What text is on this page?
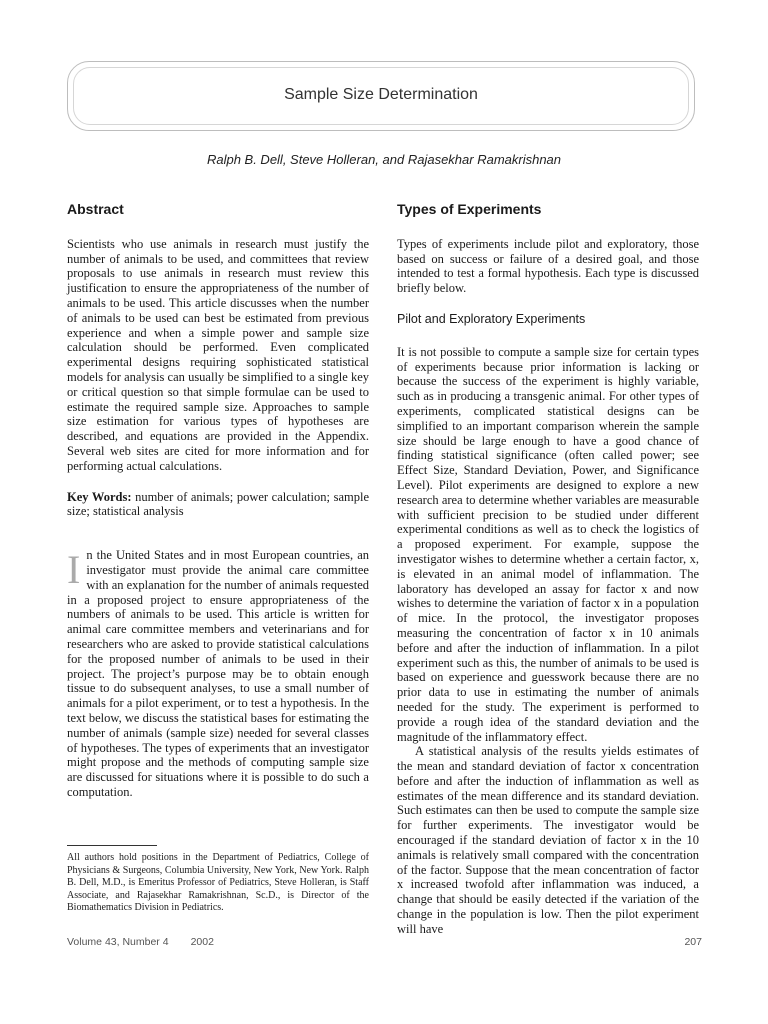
Sample Size Determination
Ralph B. Dell, Steve Holleran, and Rajasekhar Ramakrishnan
Abstract

Scientists who use animals in research must justify the number of animals to be used, and committees that review proposals to use animals in research must review this justification to ensure the appropriateness of the number of animals to be used. This article discusses when the number of animals to be used can best be estimated from previous experience and when a simple power and sample size calculation should be performed. Even complicated experimental designs requiring sophisticated statistical models for analysis can usually be simplified to a single key or critical question so that simple formulae can be used to estimate the required sample size. Approaches to sample size estimation for various types of hypotheses are described, and equations are provided in the Appendix. Several web sites are cited for more information and for performing actual calculations.

Key Words: number of animals; power calculation; sample size; statistical analysis

In the United States and in most European countries, an investigator must provide the animal care committee with an explanation for the number of animals requested in a proposed project to ensure appropriateness of the numbers of animals to be used. This article is written for animal care committee members and veterinarians and for researchers who are asked to provide statistical calculations for the proposed number of animals to be used in their project. The project’s purpose may be to obtain enough tissue to do subsequent analyses, to use a small number of animals for a pilot experiment, or to test a hypothesis. In the text below, we discuss the statistical bases for estimating the number of animals (sample size) needed for several classes of hypotheses. The types of experiments that an investigator might propose and the methods of computing sample size are discussed for situations where it is possible to do such a computation.

All authors hold positions in the Department of Pediatrics, College of Physicians & Surgeons, Columbia University, New York, New York. Ralph B. Dell, M.D., is Emeritus Professor of Pediatrics, Steve Holleran, is Staff Associate, and Rajasekhar Ramakrishnan, Sc.D., is Director of the Biomathematics Division in Pediatrics.
Types of Experiments

Types of experiments include pilot and exploratory, those based on success or failure of a desired goal, and those intended to test a formal hypothesis. Each type is discussed briefly below.

Pilot and Exploratory Experiments

It is not possible to compute a sample size for certain types of experiments because prior information is lacking or because the success of the experiment is highly variable, such as in producing a transgenic animal. For other types of experiments, complicated statistical designs can be simplified to an important comparison wherein the sample size should be large enough to have a good chance of finding statistical significance (often called power; see Effect Size, Standard Deviation, Power, and Significance Level). Pilot experiments are designed to explore a new research area to determine whether variables are measurable with sufficient precision to be studied under different experimental conditions as well as to check the logistics of a proposed experiment. For example, suppose the investigator wishes to determine whether a certain factor, x, is elevated in an animal model of inflammation. The laboratory has developed an assay for factor x and now wishes to determine the variation of factor x in a population of mice. In the protocol, the investigator proposes measuring the concentration of factor x in 10 animals before and after the induction of inflammation. In a pilot experiment such as this, the number of animals to be used is based on experience and guesswork because there are no prior data to use in estimating the number of animals needed for the study. The experiment is performed to provide a rough idea of the standard deviation and the magnitude of the inflammatory effect.

A statistical analysis of the results yields estimates of the mean and standard deviation of factor x concentration before and after the induction of inflammation as well as estimates of the mean difference and its standard deviation. Such estimates can then be used to compute the sample size for further experiments. The investigator would be encouraged if the standard deviation of factor x in the 10 animals is relatively small compared with the concentration of the factor. Suppose that the mean concentration of factor x increased twofold after inflammation was induced, a change that should be easily detected if the variation of the change in the population is low. Then the pilot experiment will have

Volume 43, Number 4 2002	207
